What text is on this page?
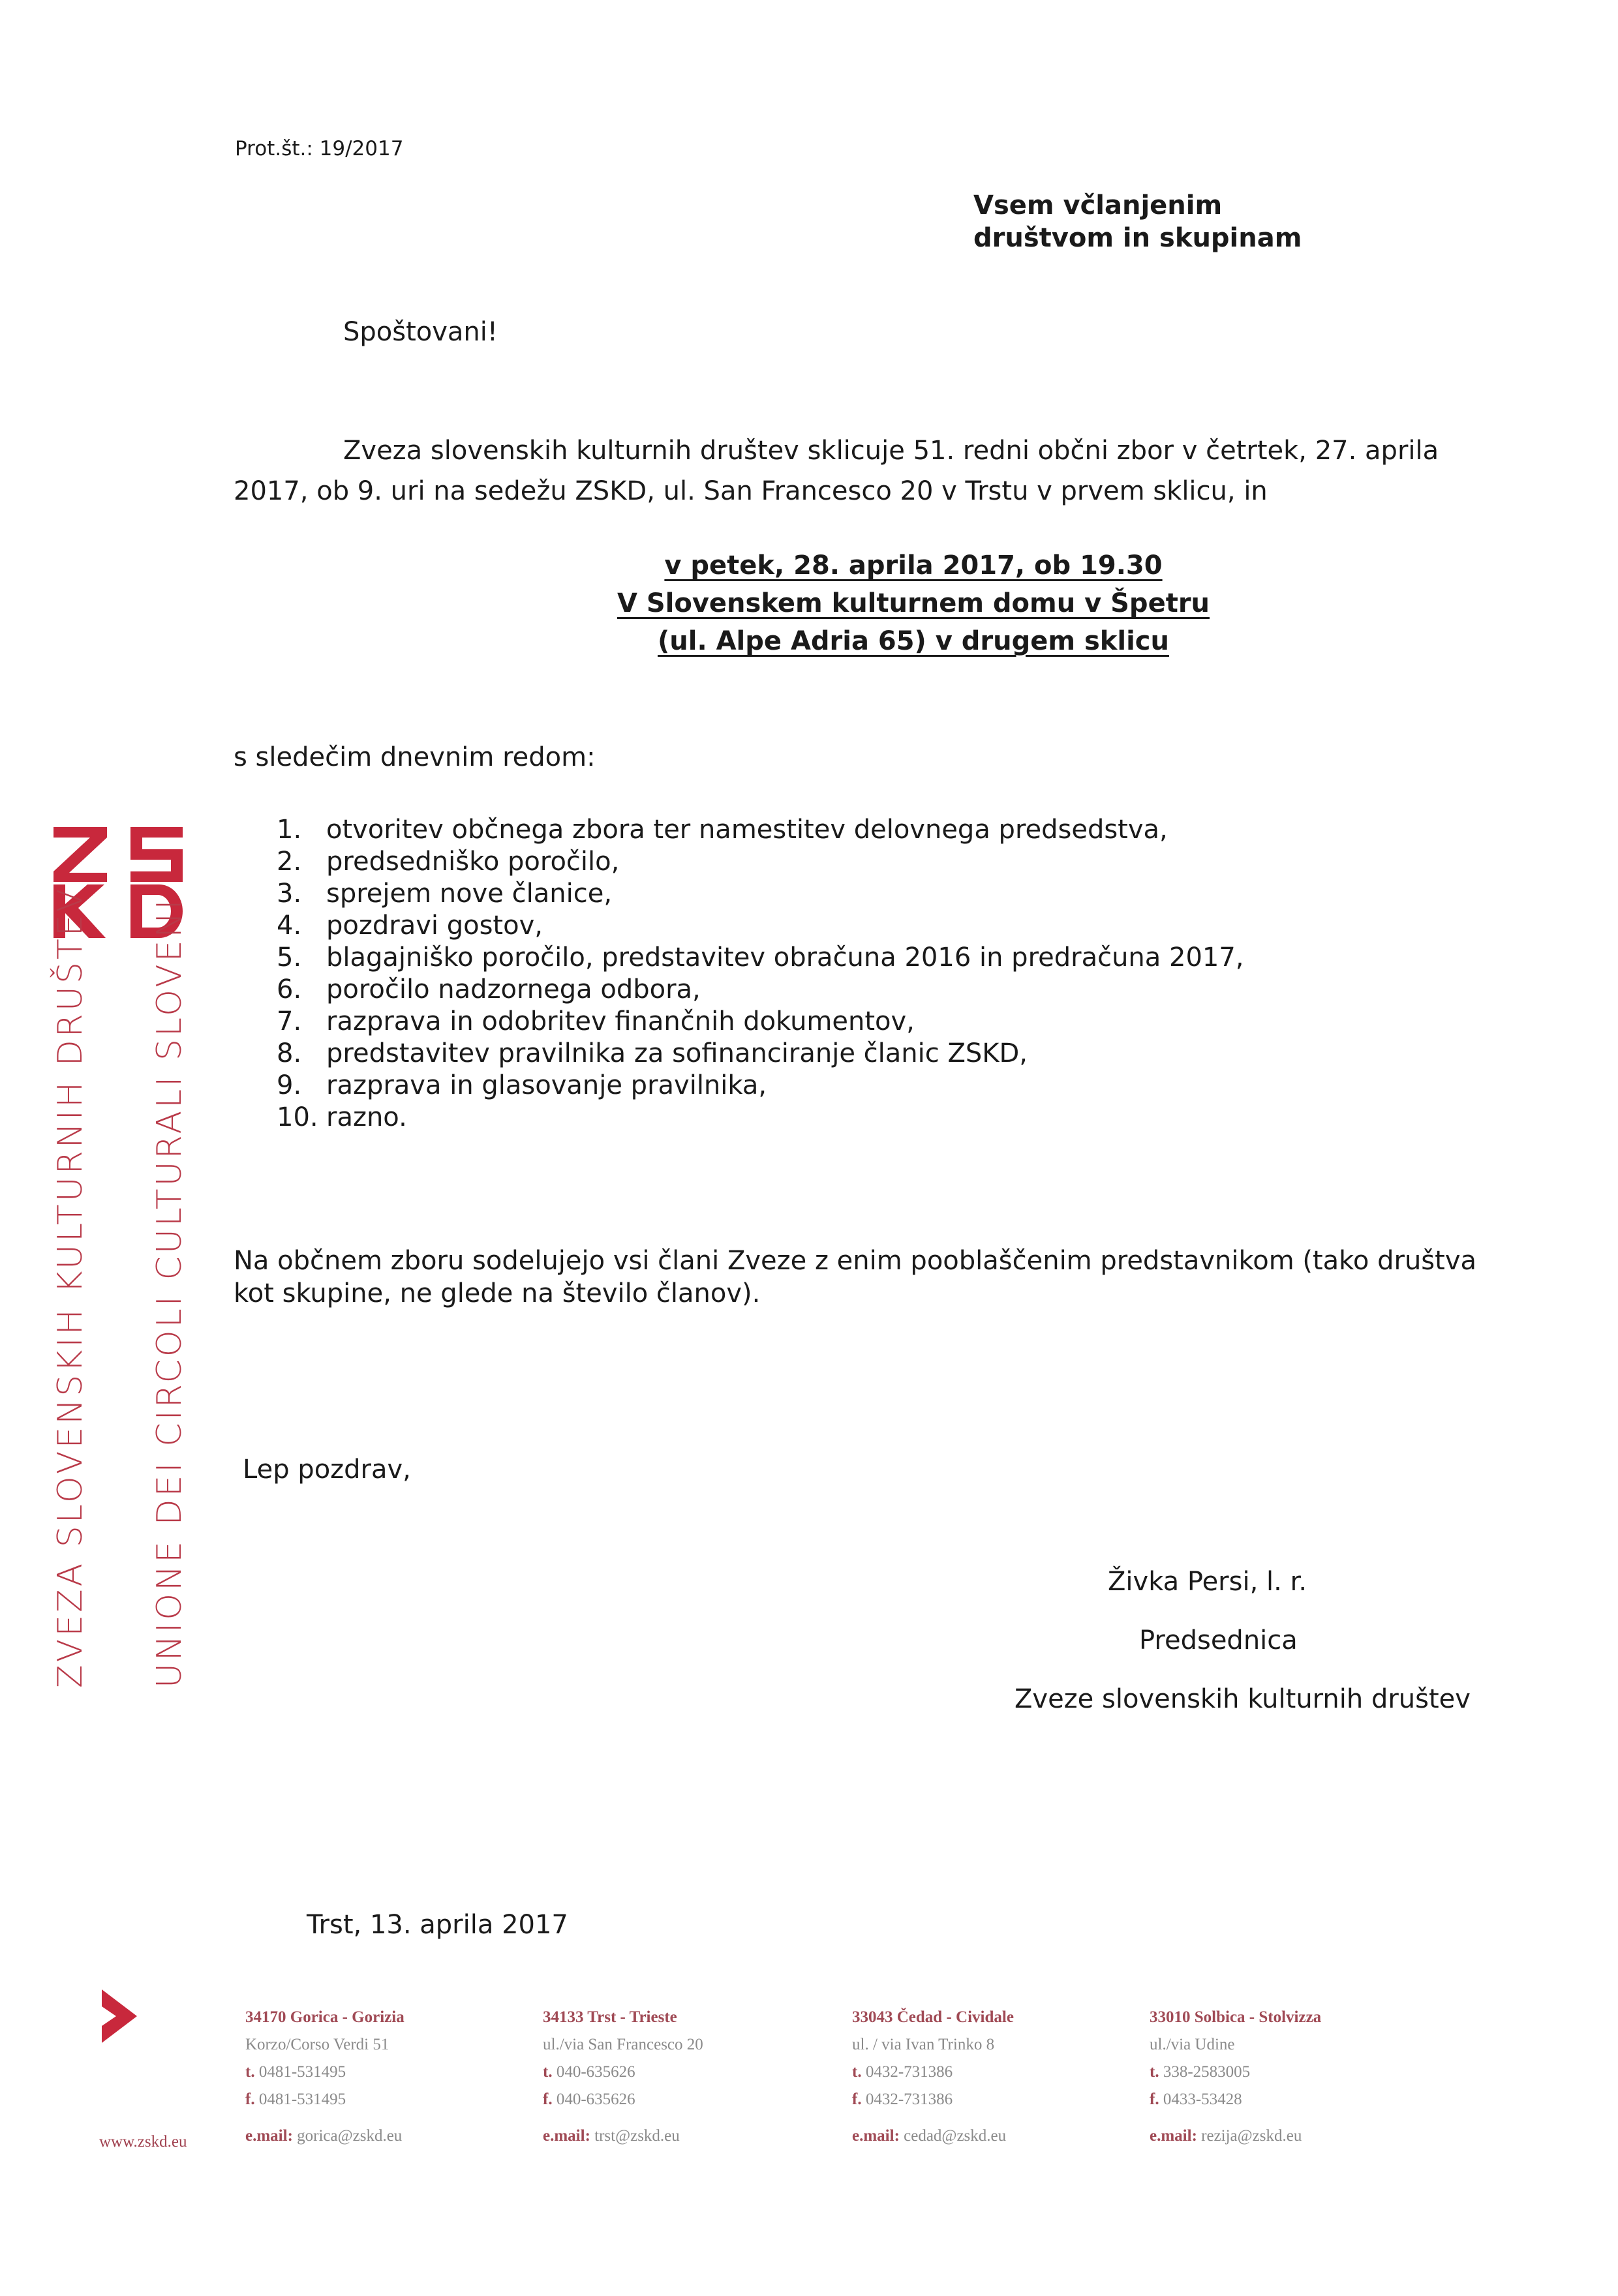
Prot.št.: 19/2017
Vsem včlanjenim
društvom in skupinam
Spoštovani!
Zveza slovenskih kulturnih društev sklicuje 51. redni občni zbor v četrtek, 27. aprila 2017, ob 9. uri na sedežu ZSKD, ul. San Francesco 20 v Trstu v prvem sklicu, in
v petek, 28. aprila 2017, ob 19.30
V Slovenskem kulturnem domu v Špetru
(ul. Alpe Adria 65) v drugem sklicu
s sledečim dnevnim redom:
1. otvoritev občnega zbora ter namestitev delovnega predsedstva,
2. predsedniško poročilo,
3. sprejem nove članice,
4. pozdravi gostov,
5. blagajniško poročilo, predstavitev obračuna 2016 in predračuna 2017,
6. poročilo nadzornega odbora,
7. razprava in odobritev finančnih dokumentov,
8. predstavitev pravilnika za sofinanciranje članic ZSKD,
9. razprava in glasovanje pravilnika,
10. razno.
Na občnem zboru sodelujejo vsi člani Zveze z enim pooblaščenim predstavnikom (tako društva kot skupine, ne glede na število članov).
Lep pozdrav,
Živka Persi, l. r.
Predsednica
Zveze slovenskih kulturnih društev
Trst, 13. aprila 2017
ZVEZA SLOVENSKIH KULTURNIH DRUŠTEV UNIONE DEI CIRCOLI CULTURALI SLOVENI
www.zskd.eu
34170 Gorica - Gorizia
Korzo/Corso Verdi 51
t. 0481-531495
f. 0481-531495
e.mail: gorica@zskd.eu
34133 Trst - Trieste
ul./via San Francesco 20
t. 040-635626
f. 040-635626
e.mail: trst@zskd.eu
33043 Čedad - Cividale
ul. / via Ivan Trinko 8
t. 0432-731386
f. 0432-731386
e.mail: cedad@zskd.eu
33010 Solbica - Stolvizza
ul./via Udine
t. 338-2583005
f. 0433-53428
e.mail: rezija@zskd.eu
